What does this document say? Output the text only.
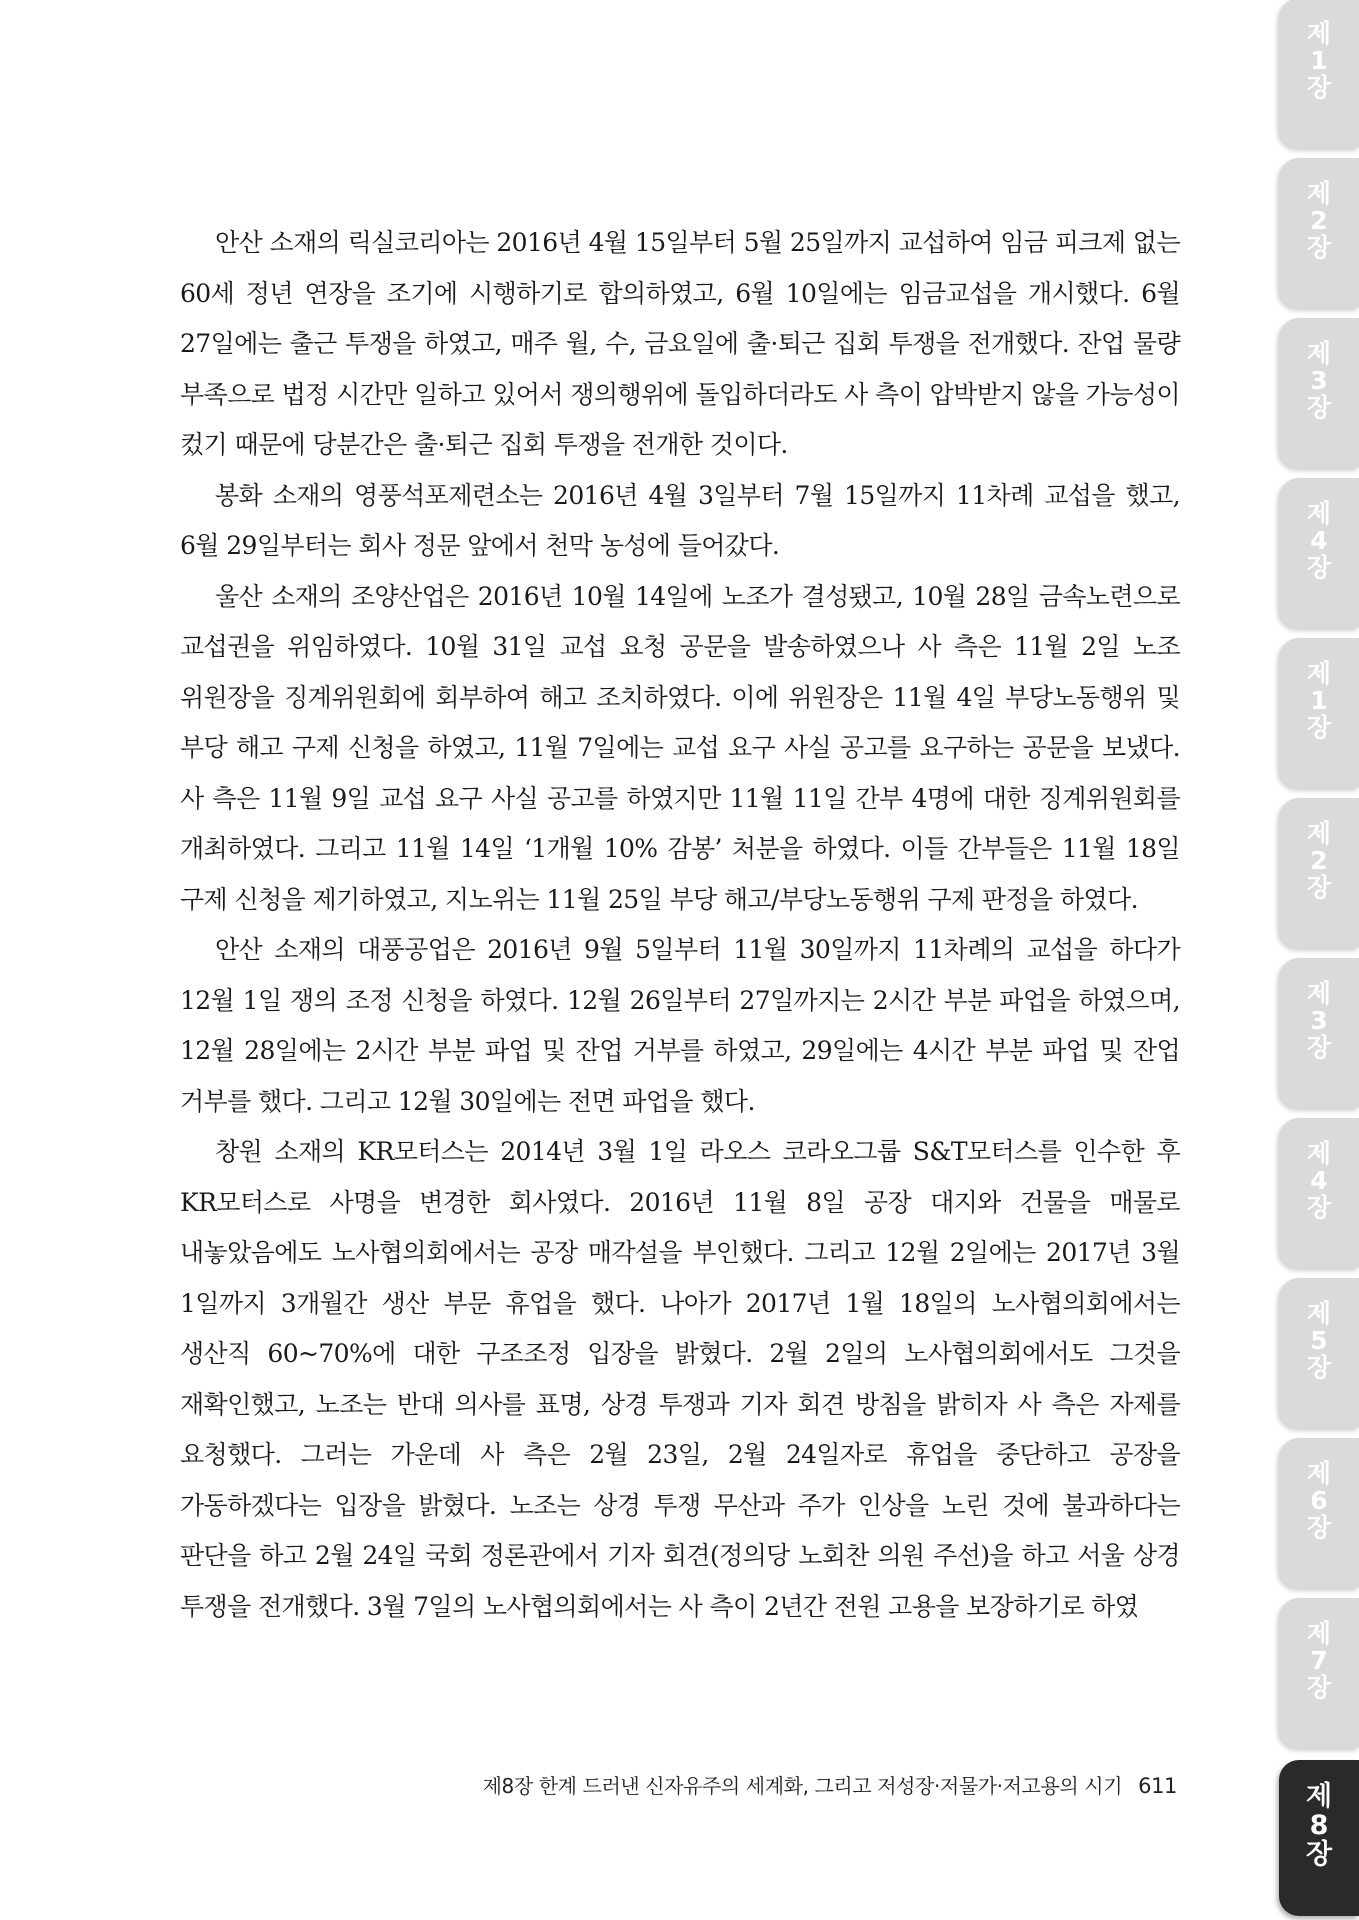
안산 소재의 릭실코리아는 2016년 4월 15일부터 5월 25일까지 교섭하여 임금 피크제 없는 60세 정년 연장을 조기에 시행하기로 합의하였고, 6월 10일에는 임금교섭을 개시했다. 6월 27일에는 출근 투쟁을 하였고, 매주 월, 수, 금요일에 출·퇴근 집회 투쟁을 전개했다. 잔업 물량 부족으로 법정 시간만 일하고 있어서 쟁의행위에 돌입하더라도 사 측이 압박받지 않을 가능성이 컸기 때문에 당분간은 출·퇴근 집회 투쟁을 전개한 것이다.

봉화 소재의 영풍석포제련소는 2016년 4월 3일부터 7월 15일까지 11차례 교섭을 했고, 6월 29일부터는 회사 정문 앞에서 천막 농성에 들어갔다.

울산 소재의 조양산업은 2016년 10월 14일에 노조가 결성됐고, 10월 28일 금속노련으로 교섭권을 위임하였다. 10월 31일 교섭 요청 공문을 발송하였으나 사 측은 11월 2일 노조 위원장을 징계위원회에 회부하여 해고 조치하였다. 이에 위원장은 11월 4일 부당노동행위 및 부당 해고 구제 신청을 하였고, 11월 7일에는 교섭 요구 사실 공고를 요구하는 공문을 보냈다. 사 측은 11월 9일 교섭 요구 사실 공고를 하였지만 11월 11일 간부 4명에 대한 징계위원회를 개최하였다. 그리고 11월 14일 ‘1개월 10% 감봉’ 처분을 하였다. 이들 간부들은 11월 18일 구제 신청을 제기하였고, 지노위는 11월 25일 부당 해고/부당노동행위 구제 판정을 하였다.

안산 소재의 대풍공업은 2016년 9월 5일부터 11월 30일까지 11차례의 교섭을 하다가 12월 1일 쟁의 조정 신청을 하였다. 12월 26일부터 27일까지는 2시간 부분 파업을 하였으며, 12월 28일에는 2시간 부분 파업 및 잔업 거부를 하였고, 29일에는 4시간 부분 파업 및 잔업 거부를 했다. 그리고 12월 30일에는 전면 파업을 했다.

창원 소재의 KR모터스는 2014년 3월 1일 라오스 코라오그룹 S&T모터스를 인수한 후 KR모터스로 사명을 변경한 회사였다. 2016년 11월 8일 공장 대지와 건물을 매물로 내놓았음에도 노사협의회에서는 공장 매각설을 부인했다. 그리고 12월 2일에는 2017년 3월 1일까지 3개월간 생산 부문 휴업을 했다. 나아가 2017년 1월 18일의 노사협의회에서는 생산직 60~70%에 대한 구조조정 입장을 밝혔다. 2월 2일의 노사협의회에서도 그것을 재확인했고, 노조는 반대 의사를 표명, 상경 투쟁과 기자 회견 방침을 밝히자 사 측은 자제를 요청했다. 그러는 가운데 사 측은 2월 23일, 2월 24일자로 휴업을 중단하고 공장을 가동하겠다는 입장을 밝혔다. 노조는 상경 투쟁 무산과 주가 인상을 노린 것에 불과하다는 판단을 하고 2월 24일 국회 정론관에서 기자 회견(정의당 노회찬 의원 주선)을 하고 서울 상경 투쟁을 전개했다. 3월 7일의 노사협의회에서는 사 측이 2년간 전원 고용을 보장하기로 하였

제8장 한계 드러낸 신자유주의 세계화, 그리고 저성장·저물가·저고용의 시기 611
제
1
장
제
2
장
제
3
장
제
4
장
제
1
장
제
2
장
제
3
장
제
4
장
제
5
장
제
6
장
제
7
장
제
8
장
